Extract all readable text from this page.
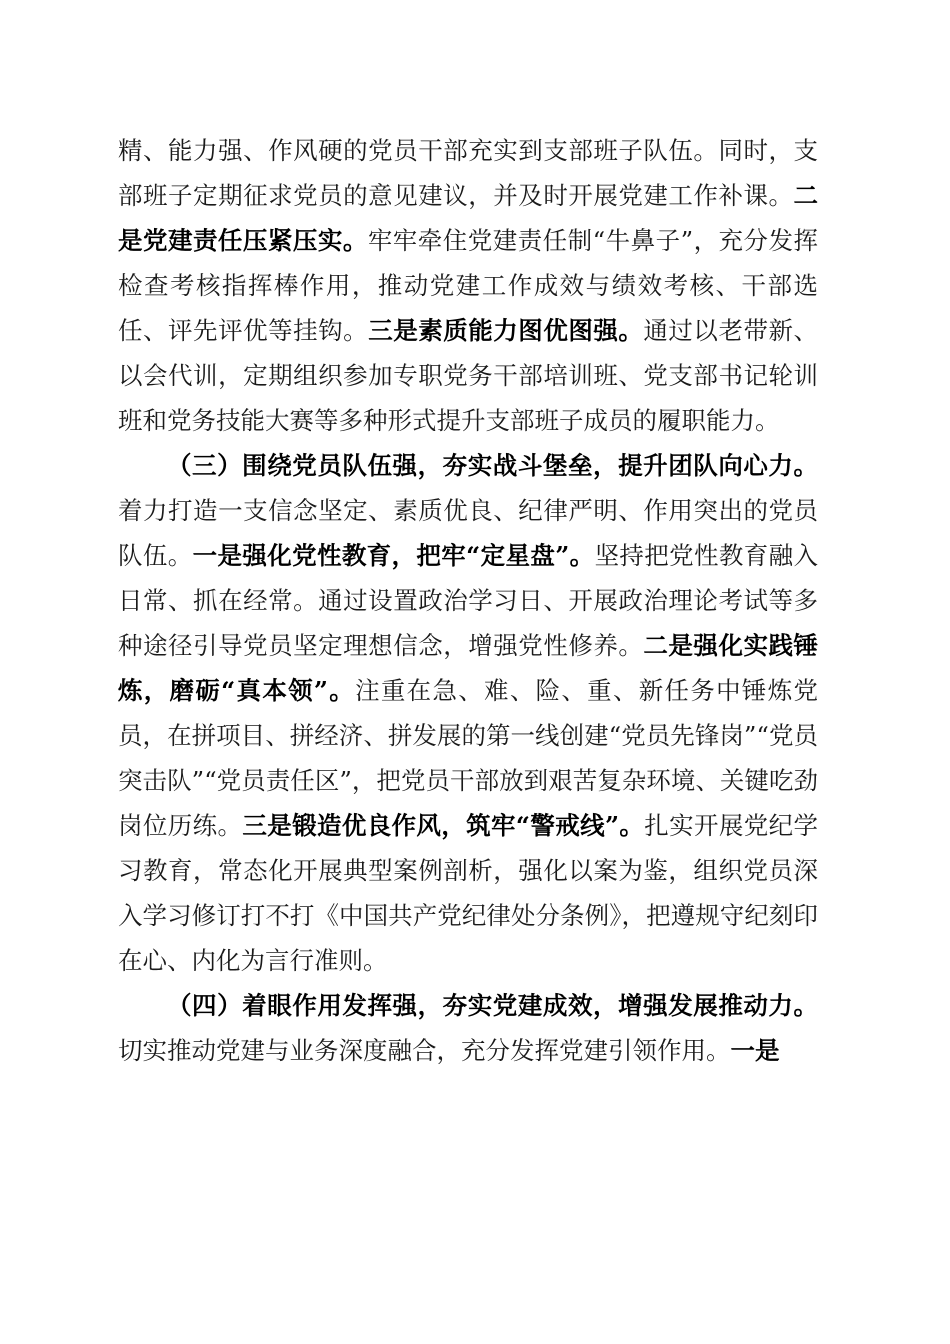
精、能力强、作风硬的党员干部充实到支部班子队伍。同时，支部班子定期征求党员的意见建议，并及时开展党建工作补课。二是党建责任压紧压实。牢牢牵住党建责任制“牛鼻子”，充分发挥检查考核指挥棒作用，推动党建工作成效与绩效考核、干部选任、评先评优等挂钩。三是素质能力图优图强。通过以老带新、以会代训，定期组织参加专职党务干部培训班、党支部书记轮训班和党务技能大赛等多种形式提升支部班子成员的履职能力。

（三）围绕党员队伍强，夯实战斗堡垒，提升团队向心力。着力打造一支信念坚定、素质优良、纪律严明、作用突出的党员队伍。一是强化党性教育，把牢“定星盘”。坚持把党性教育融入日常、抓在经常。通过设置政治学习日、开展政治理论考试等多种途径引导党员坚定理想信念，增强党性修养。二是强化实践锤炼，磨砺“真本领”。注重在急、难、险、重、新任务中锤炼党员，在拼项目、拼经济、拼发展的第一线创建“党员先锋岗”“党员突击队”“党员责任区”，把党员干部放到艰苦复杂环境、关键吃劲岗位历练。三是锻造优良作风，筑牢“警戒线”。扎实开展党纪学习教育，常态化开展典型案例剖析，强化以案为鉴，组织党员深入学习修订打不打《中国共产党纪律处分条例》，把遵规守纪刻印在心、内化为言行准则。

（四）着眼作用发挥强，夯实党建成效，增强发展推动力。切实推动党建与业务深度融合，充分发挥党建引领作用。一是
